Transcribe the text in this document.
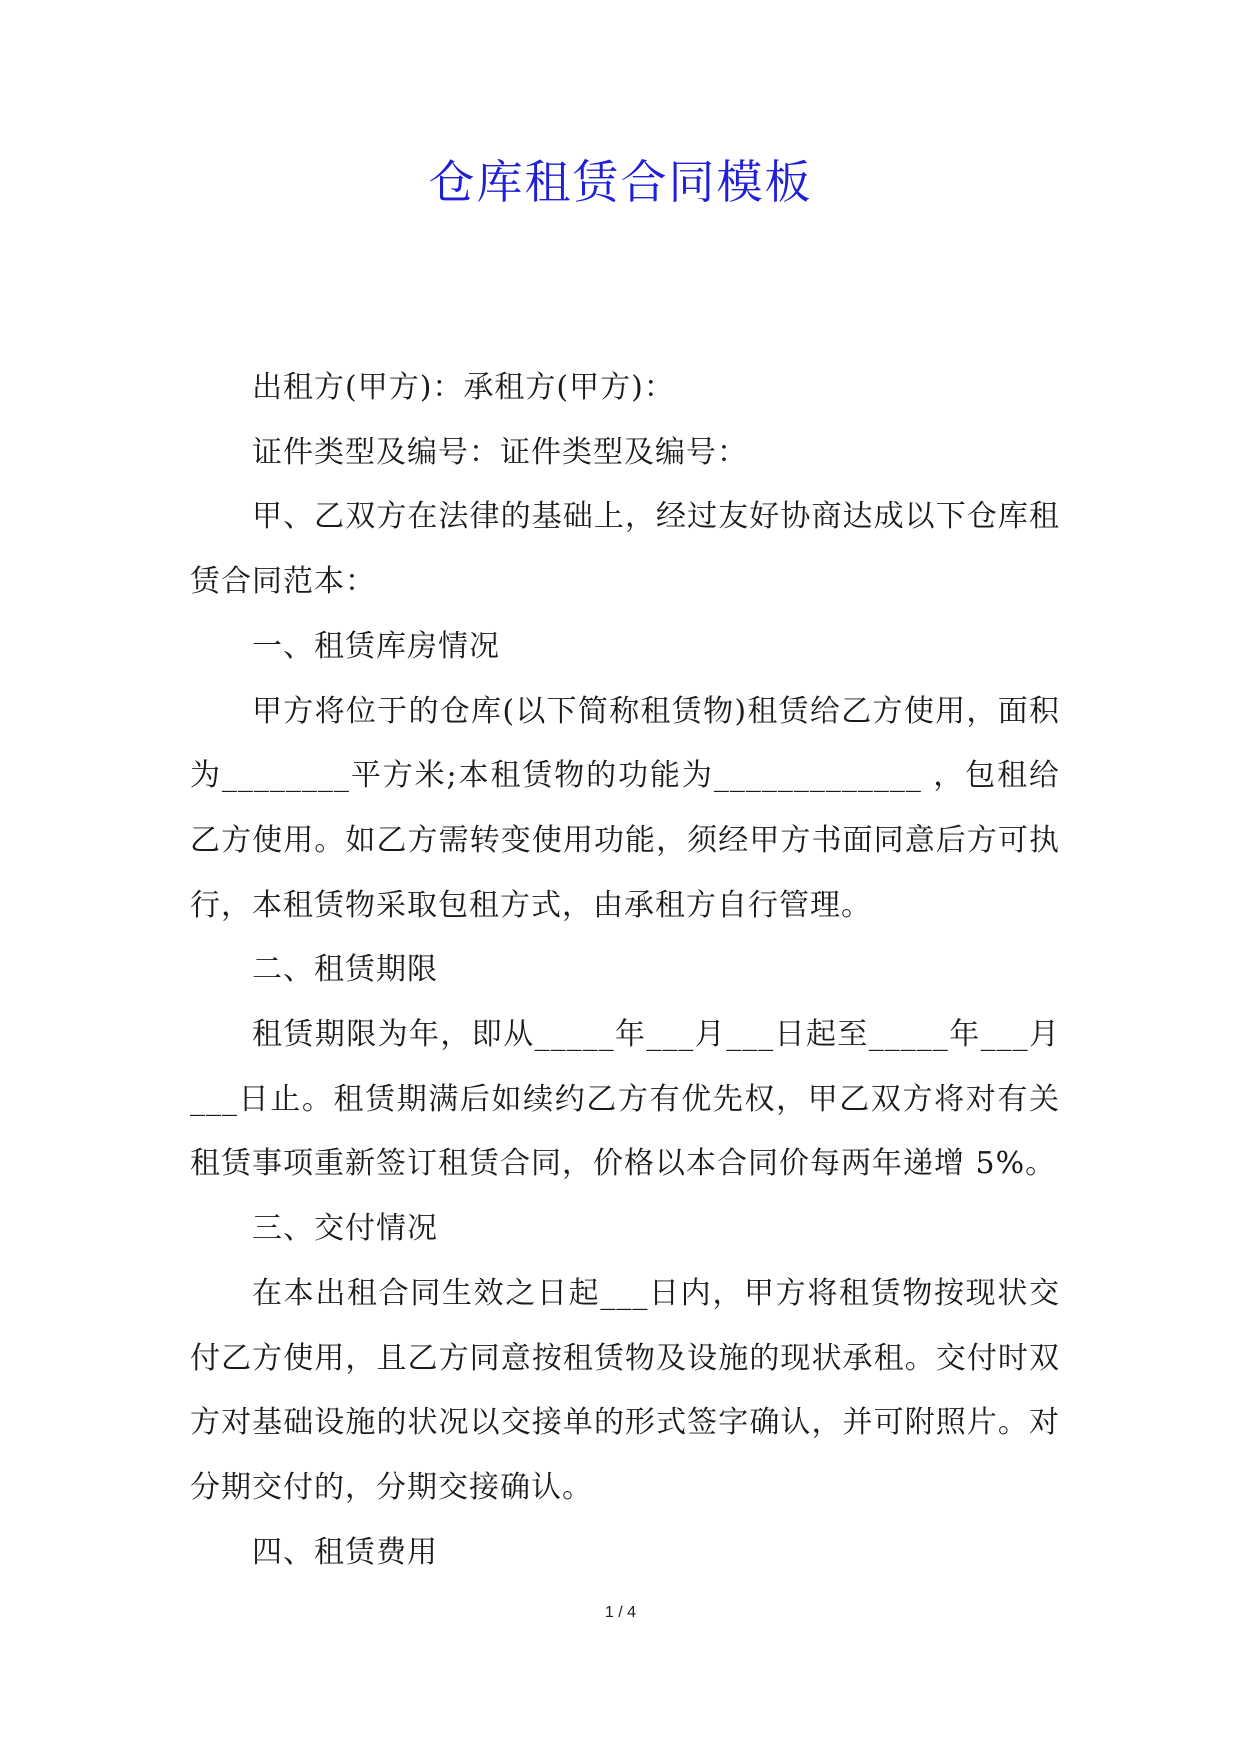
仓库租赁合同模板

出租方(甲方)：承租方(甲方)：

证件类型及编号：证件类型及编号：

甲、乙双方在法律的基础上，经过友好协商达成以下仓库租赁合同范本：

一、租赁库房情况

甲方将位于的仓库(以下简称租赁物)租赁给乙方使用，面积为________平方米;本租赁物的功能为_____________ ，包租给乙方使用。如乙方需转变使用功能，须经甲方书面同意后方可执行，本租赁物采取包租方式，由承租方自行管理。

二、租赁期限

租赁期限为年，即从_____年___月___日起至_____年___月___日止。租赁期满后如续约乙方有优先权，甲乙双方将对有关租赁事项重新签订租赁合同，价格以本合同价每两年递增 5%。

三、交付情况

在本出租合同生效之日起___日内，甲方将租赁物按现状交付乙方使用，且乙方同意按租赁物及设施的现状承租。交付时双方对基础设施的状况以交接单的形式签字确认，并可附照片。对分期交付的，分期交接确认。

四、租赁费用

1 / 4
